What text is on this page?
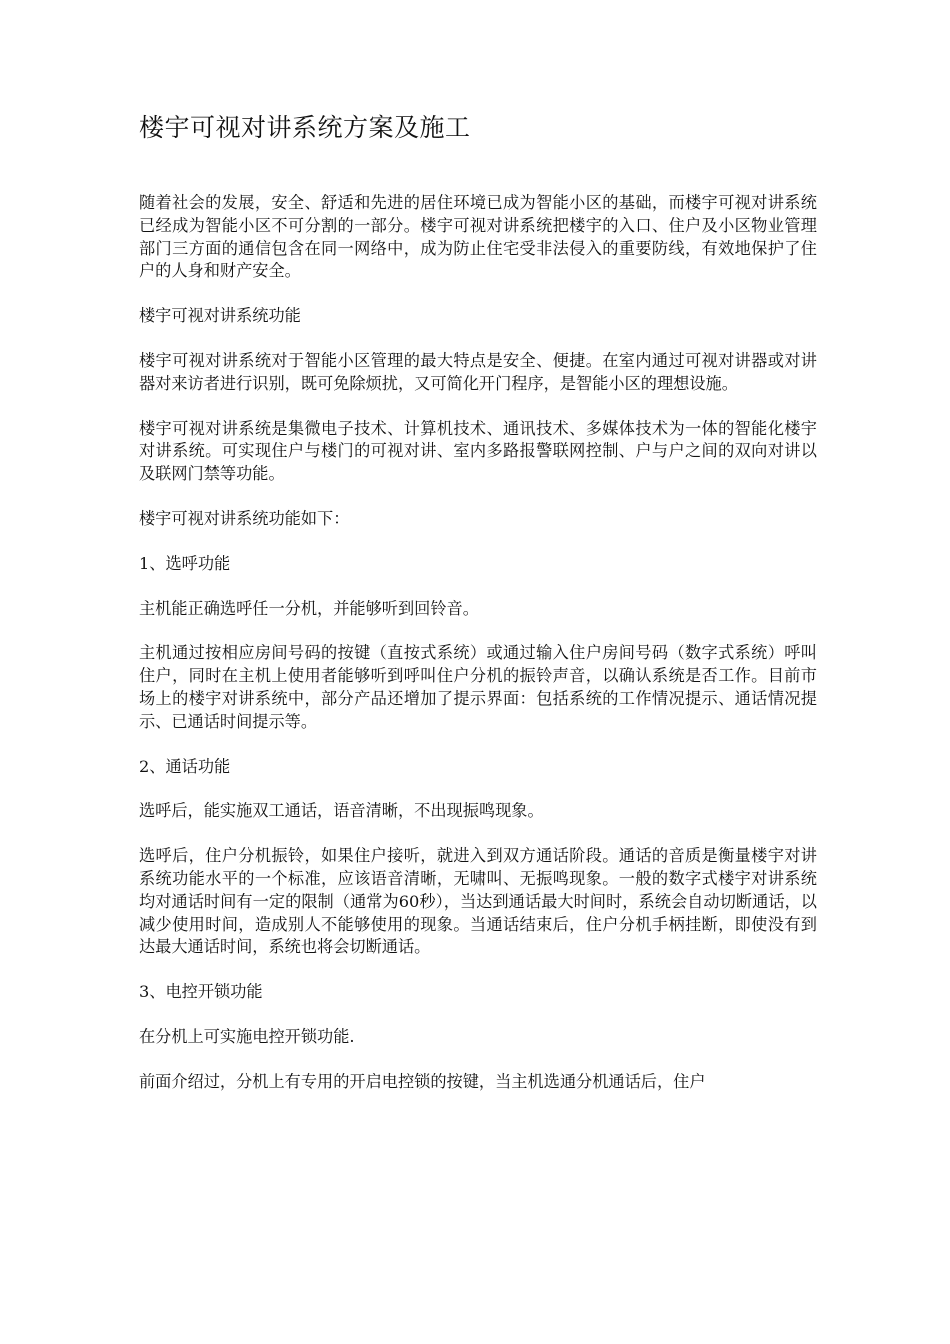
楼宇可视对讲系统方案及施工

随着社会的发展，安全、舒适和先进的居住环境已成为智能小区的基础，而楼宇可视对讲系统已经成为智能小区不可分割的一部分。楼宇可视对讲系统把楼宇的入口、住户及小区物业管理部门三方面的通信包含在同一网络中，成为防止住宅受非法侵入的重要防线，有效地保护了住户的人身和财产安全。

楼宇可视对讲系统功能

楼宇可视对讲系统对于智能小区管理的最大特点是安全、便捷。在室内通过可视对讲器或对讲器对来访者进行识别，既可免除烦扰，又可简化开门程序，是智能小区的理想设施。

楼宇可视对讲系统是集微电子技术、计算机技术、通讯技术、多媒体技术为一体的智能化楼宇对讲系统。可实现住户与楼门的可视对讲、室内多路报警联网控制、户与户之间的双向对讲以及联网门禁等功能。

楼宇可视对讲系统功能如下：

1、选呼功能

主机能正确选呼任一分机，并能够听到回铃音。

主机通过按相应房间号码的按键（直按式系统）或通过输入住户房间号码（数字式系统）呼叫住户，同时在主机上使用者能够听到呼叫住户分机的振铃声音，以确认系统是否工作。目前市场上的楼宇对讲系统中，部分产品还增加了提示界面：包括系统的工作情况提示、通话情况提示、已通话时间提示等。

2、通话功能

选呼后，能实施双工通话，语音清晰，不出现振鸣现象。

选呼后，住户分机振铃，如果住户接听，就进入到双方通话阶段。通话的音质是衡量楼宇对讲系统功能水平的一个标准，应该语音清晰，无啸叫、无振鸣现象。一般的数字式楼宇对讲系统均对通话时间有一定的限制（通常为60秒），当达到通话最大时间时，系统会自动切断通话，以减少使用时间，造成别人不能够使用的现象。当通话结束后，住户分机手柄挂断，即使没有到达最大通话时间，系统也将会切断通话。

3、电控开锁功能

在分机上可实施电控开锁功能.

前面介绍过，分机上有专用的开启电控锁的按键，当主机选通分机通话后，住户
